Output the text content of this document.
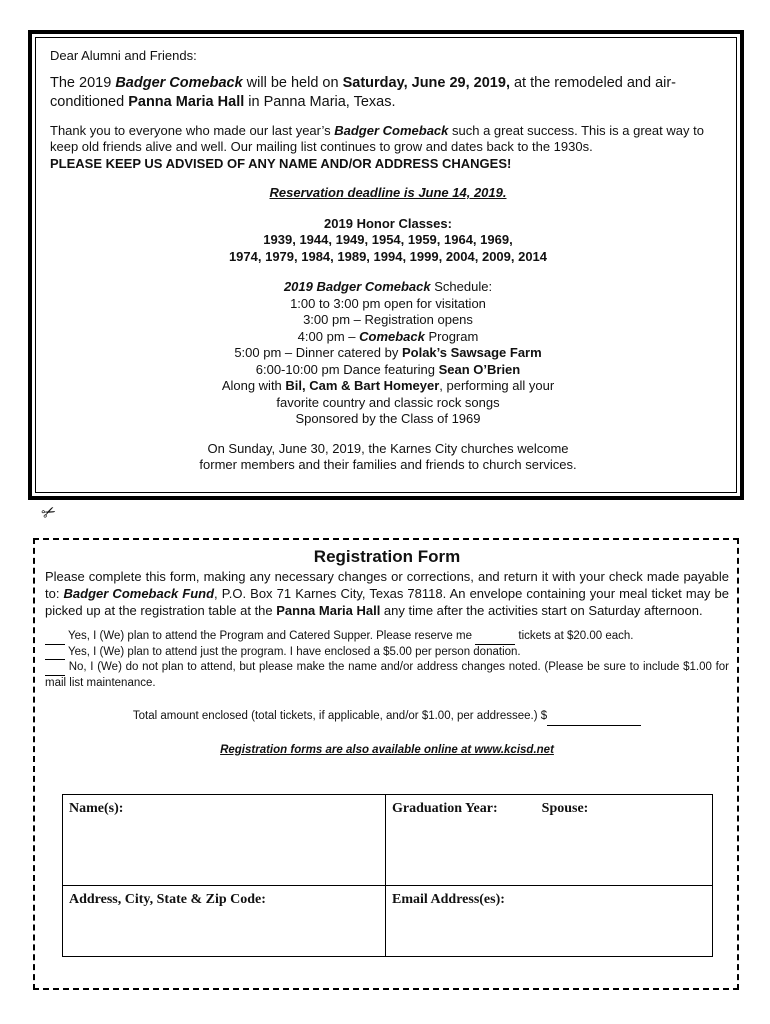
Dear Alumni and Friends:

The 2019 Badger Comeback will be held on Saturday, June 29, 2019, at the remodeled and air-conditioned Panna Maria Hall in Panna Maria, Texas.

Thank you to everyone who made our last year’s Badger Comeback such a great success. This is a great way to keep old friends alive and well. Our mailing list continues to grow and dates back to the 1930s.
PLEASE KEEP US ADVISED OF ANY NAME AND/OR ADDRESS CHANGES!

Reservation deadline is June 14, 2019.

2019 Honor Classes:
1939, 1944, 1949, 1954, 1959, 1964, 1969,
1974, 1979, 1984, 1989, 1994, 1999, 2004, 2009, 2014

2019 Badger Comeback Schedule:
1:00 to 3:00 pm open for visitation
3:00 pm – Registration opens
4:00 pm – Comeback Program
5:00 pm – Dinner catered by Polak’s Sawsage Farm
6:00-10:00 pm Dance featuring Sean O’Brien
Along with Bil, Cam & Bart Homeyer, performing all your
favorite country and classic rock songs
Sponsored by the Class of 1969

On Sunday, June 30, 2019, the Karnes City churches welcome
former members and their families and friends to church services.

✂

Registration Form

Please complete this form, making any necessary changes or corrections, and return it with your check made payable to: Badger Comeback Fund, P.O. Box 71 Karnes City, Texas 78118. An envelope containing your meal ticket may be picked up at the registration table at the Panna Maria Hall any time after the activities start on Saturday afternoon.

Yes, I (We) plan to attend the Program and Catered Supper. Please reserve me	tickets at $20.00 each.
Yes, I (We) plan to attend just the program. I have enclosed a $5.00 per person donation.
No, I (We) do not plan to attend, but please make the name and/or address changes noted. (Please be sure to include $1.00 for mail list maintenance.

Total amount enclosed (total tickets, if applicable, and/or $1.00, per addressee.) $

Registration forms are also available online at www.kcisd.net

Name(s):	Graduation Year: Spouse:
Address, City, State & Zip Code:	Email Address(es):
